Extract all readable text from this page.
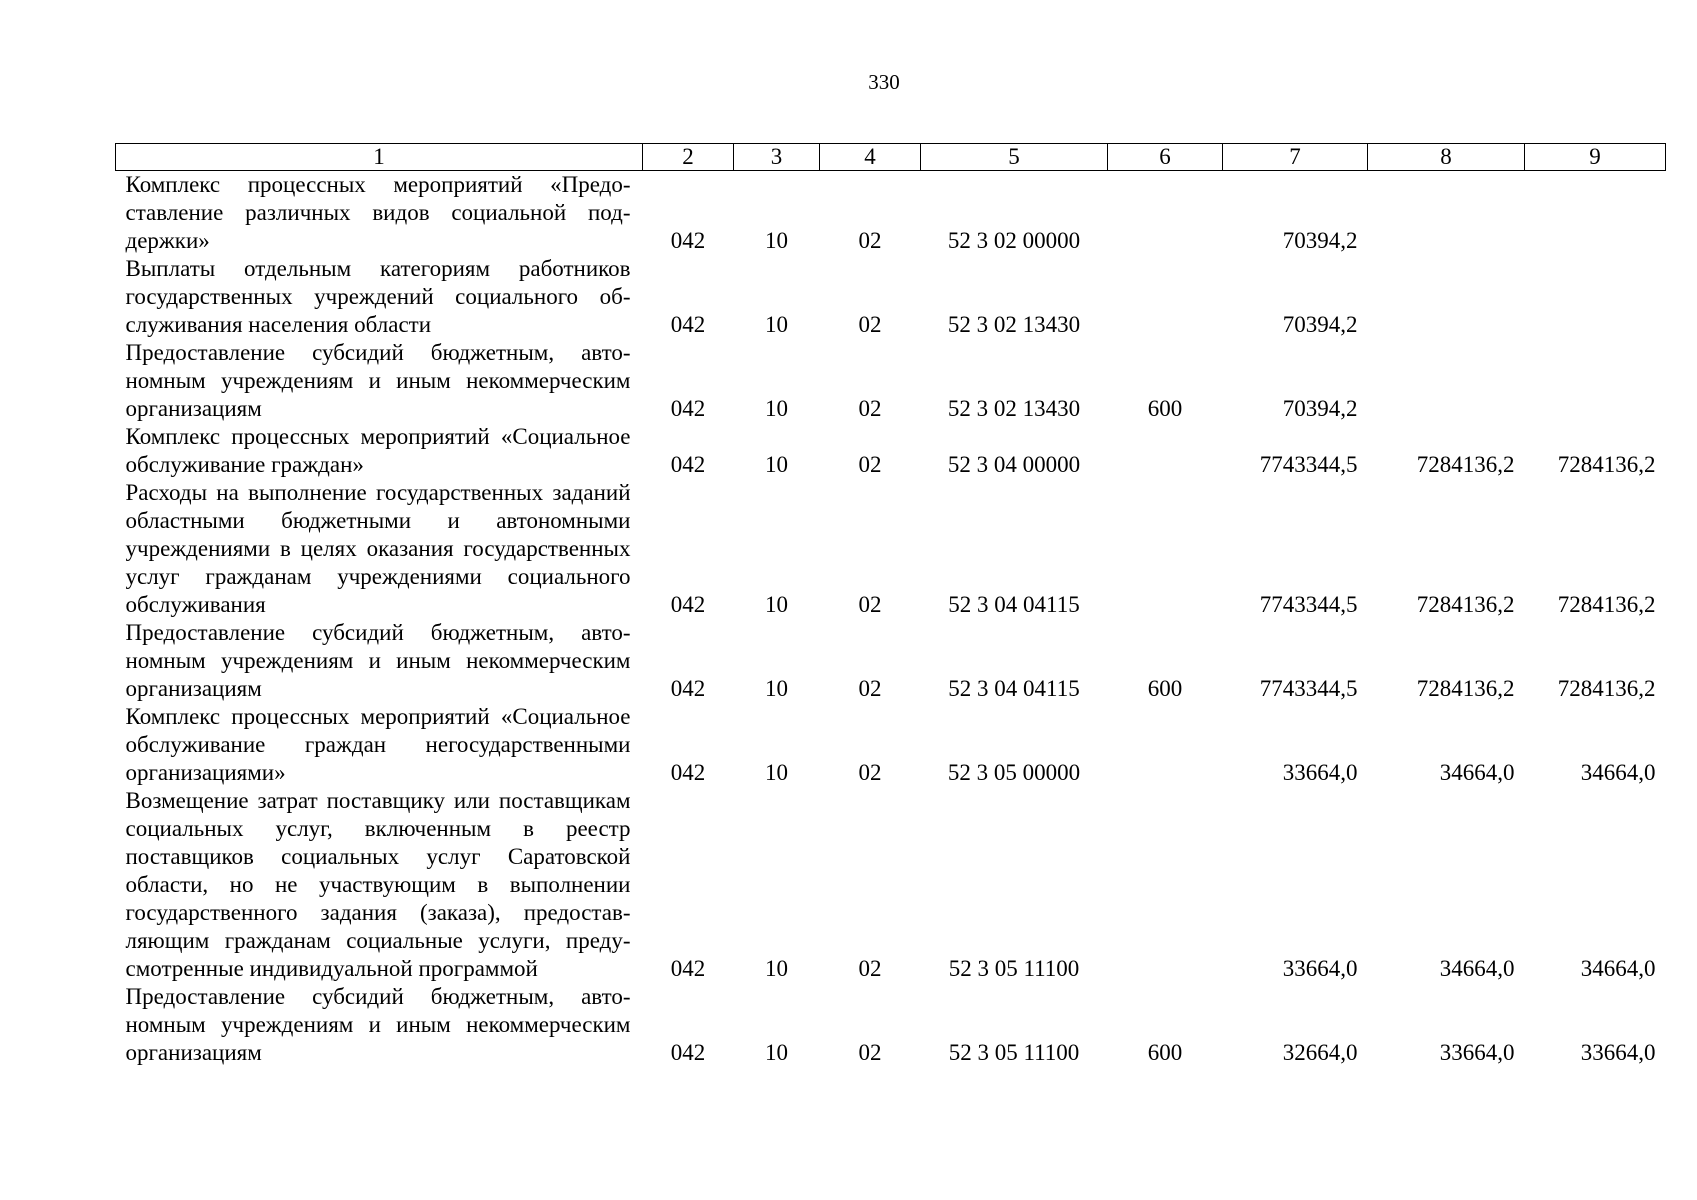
330
1	2	3	4	5	6	7	8	9
Комплекс процессных мероприятий «Предоставление различных видов социальной поддержки»	042	10	02	52 3 02 00000		70394,2		
Выплаты отдельным категориям работников государственных учреждений социального обслуживания населения области	042	10	02	52 3 02 13430		70394,2		
Предоставление субсидий бюджетным, автономным учреждениям и иным некоммерческим организациям	042	10	02	52 3 02 13430	600	70394,2		
Комплекс процессных мероприятий «Социальное обслуживание граждан»	042	10	02	52 3 04 00000		7743344,5	7284136,2	7284136,2
Расходы на выполнение государственных заданий областными бюджетными и автономными учреждениями в целях оказания государственных услуг гражданам учреждениями социального обслуживания	042	10	02	52 3 04 04115		7743344,5	7284136,2	7284136,2
Предоставление субсидий бюджетным, автономным учреждениям и иным некоммерческим организациям	042	10	02	52 3 04 04115	600	7743344,5	7284136,2	7284136,2
Комплекс процессных мероприятий «Социальное обслуживание граждан негосударственными организациями»	042	10	02	52 3 05 00000		33664,0	34664,0	34664,0
Возмещение затрат поставщику или поставщикам социальных услуг, включенным в реестр поставщиков социальных услуг Саратовской области, но не участвующим в выполнении государственного задания (заказа), предоставляющим гражданам социальные услуги, предусмотренные индивидуальной программой	042	10	02	52 3 05 11100		33664,0	34664,0	34664,0
Предоставление субсидий бюджетным, автономным учреждениям и иным некоммерческим организациям	042	10	02	52 3 05 11100	600	32664,0	33664,0	33664,0
